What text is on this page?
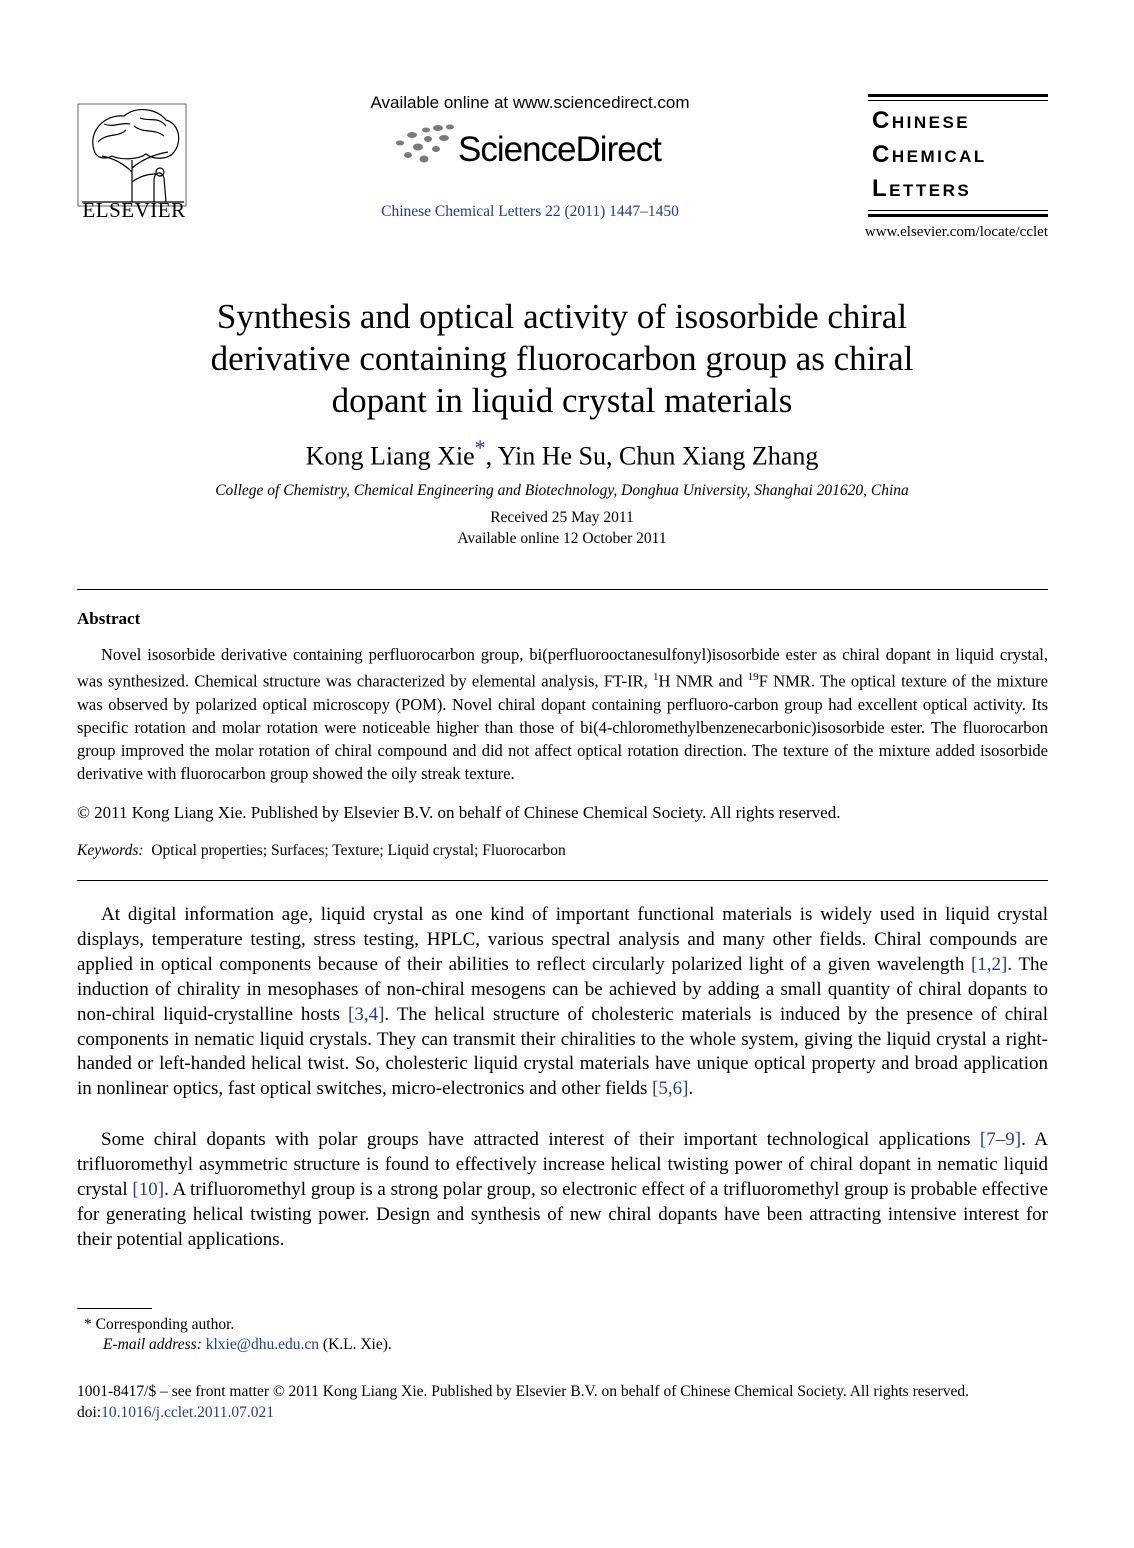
ELSEVIER
Available online at www.sciencedirect.com
ScienceDirect
Chinese Chemical Letters 22 (2011) 1447–1450
Chinese
Chemical
Letters
www.elsevier.com/locate/cclet
Synthesis and optical activity of isosorbide chiral
derivative containing fluorocarbon group as chiral
dopant in liquid crystal materials
Kong Liang Xie*, Yin He Su, Chun Xiang Zhang
College of Chemistry, Chemical Engineering and Biotechnology, Donghua University, Shanghai 201620, China
Received 25 May 2011
Available online 12 October 2011
Abstract
Novel isosorbide derivative containing perfluorocarbon group, bi(perfluorooctanesulfonyl)isosorbide ester as chiral dopant in liquid crystal, was synthesized. Chemical structure was characterized by elemental analysis, FT-IR, $^1$H NMR and $^{19}$F NMR. The optical texture of the mixture was observed by polarized optical microscopy (POM). Novel chiral dopant containing perfluoro-carbon group had excellent optical activity. Its specific rotation and molar rotation were noticeable higher than those of bi(4-chloromethylbenzenecarbonic)isosorbide ester. The fluorocarbon group improved the molar rotation of chiral compound and did not affect optical rotation direction. The texture of the mixture added isosorbide derivative with fluorocarbon group showed the oily streak texture.
© 2011 Kong Liang Xie. Published by Elsevier B.V. on behalf of Chinese Chemical Society. All rights reserved.
Keywords: Optical properties; Surfaces; Texture; Liquid crystal; Fluorocarbon
At digital information age, liquid crystal as one kind of important functional materials is widely used in liquid crystal displays, temperature testing, stress testing, HPLC, various spectral analysis and many other fields. Chiral compounds are applied in optical components because of their abilities to reflect circularly polarized light of a given wavelength [1,2]. The induction of chirality in mesophases of non-chiral mesogens can be achieved by adding a small quantity of chiral dopants to non-chiral liquid-crystalline hosts [3,4]. The helical structure of cholesteric materials is induced by the presence of chiral components in nematic liquid crystals. They can transmit their chiralities to the whole system, giving the liquid crystal a right-handed or left-handed helical twist. So, cholesteric liquid crystal materials have unique optical property and broad application in nonlinear optics, fast optical switches, micro-electronics and other fields [5,6].
Some chiral dopants with polar groups have attracted interest of their important technological applications [7–9]. A trifluoromethyl asymmetric structure is found to effectively increase helical twisting power of chiral dopant in nematic liquid crystal [10]. A trifluoromethyl group is a strong polar group, so electronic effect of a trifluoromethyl group is probable effective for generating helical twisting power. Design and synthesis of new chiral dopants have been attracting intensive interest for their potential applications.
* Corresponding author.
E-mail address: klxie@dhu.edu.cn (K.L. Xie).
1001-8417/$ – see front matter © 2011 Kong Liang Xie. Published by Elsevier B.V. on behalf of Chinese Chemical Society. All rights reserved.
doi:10.1016/j.cclet.2011.07.021
